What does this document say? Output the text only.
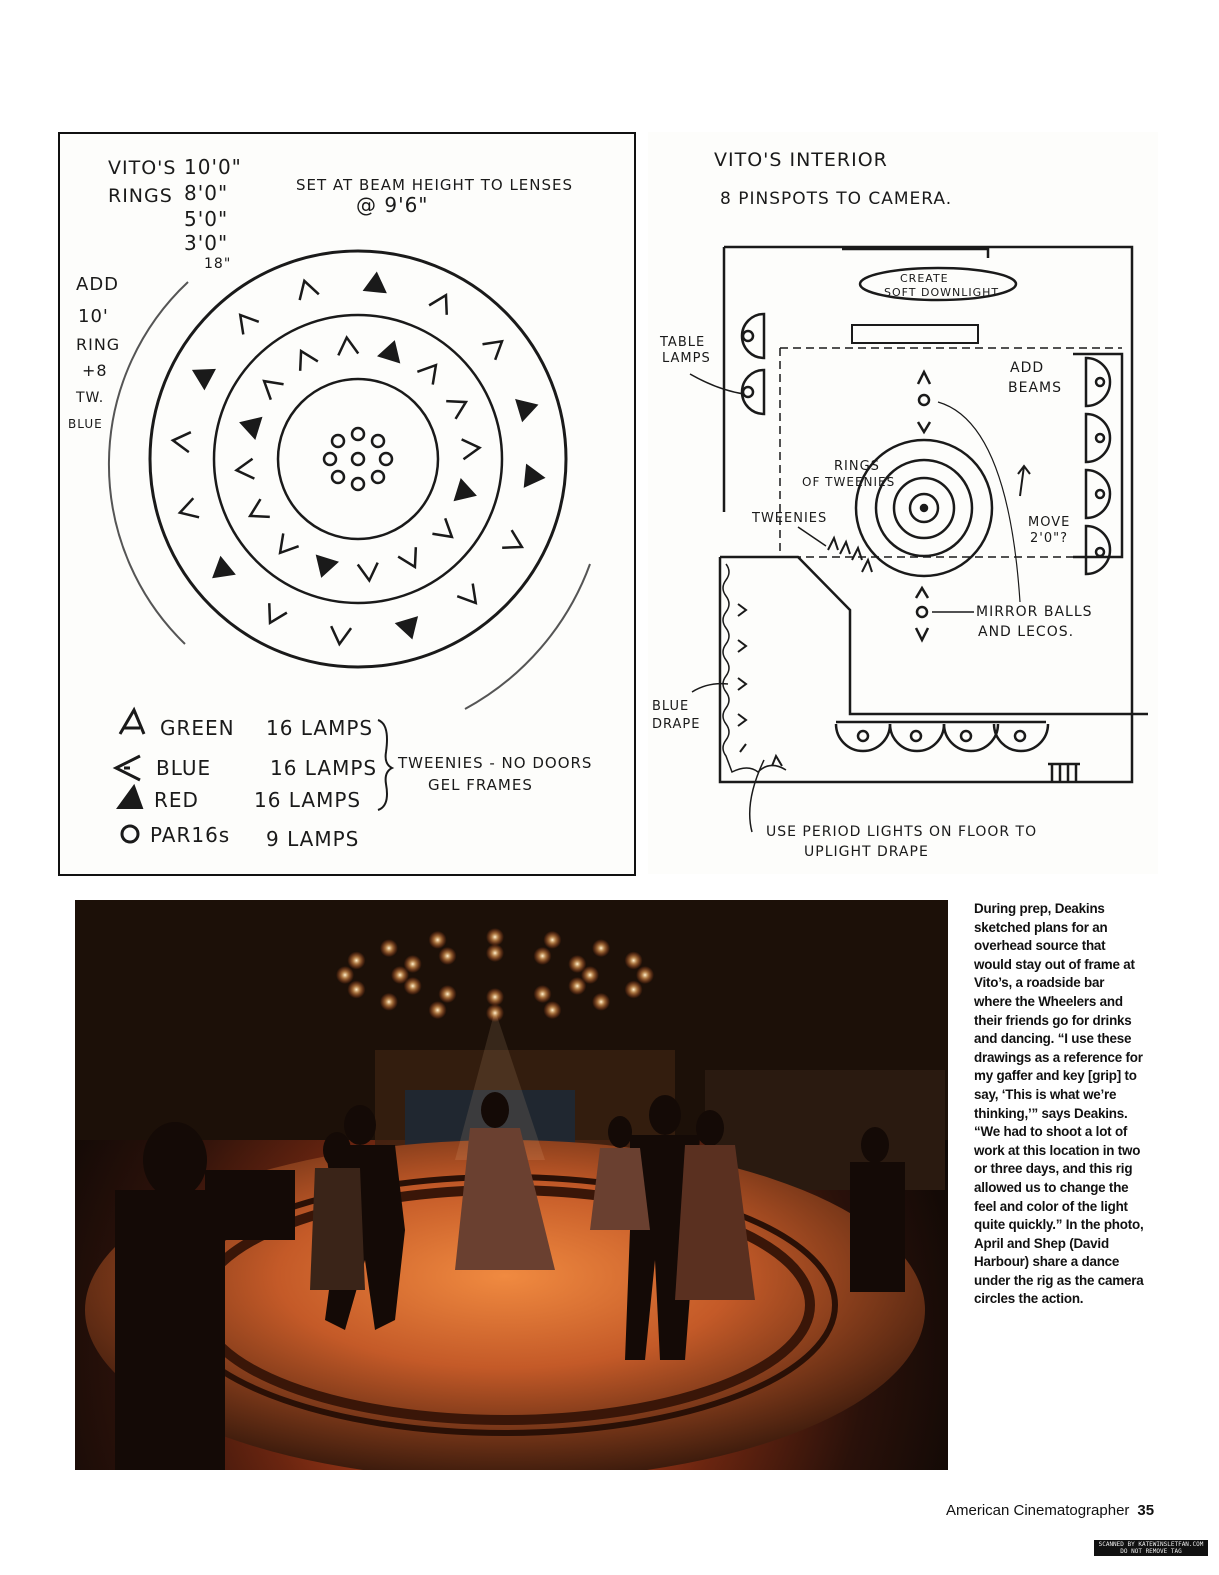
VITO'S
RINGS
10'0"
8'0"
5'0"
3'0"
18"
SET AT BEAM HEIGHT TO LENSES
@ 9'6"
ADD
10'
RING
+8
TW.
BLUE
GREEN 16 LAMPS
BLUE	16 LAMPS
RED	16 LAMPS
PAR16s 9 LAMPS
TWEENIES - NO DOORS
GEL FRAMES
VITO'S INTERIOR
8 PINSPOTS TO CAMERA.
CREATE
SOFT DOWNLIGHT
TABLE
LAMPS
ADD
BEAMS
RINGS
OF TWEENIES
TWEENIES	MOVE
2'0"?
MIRROR BALLS
AND LECOS.
BLUE
DRAPE
USE PERIOD LIGHTS ON FLOOR TO
UPLIGHT DRAPE
During prep, Deakins sketched plans for an overhead source that would stay out of frame at Vito’s, a roadside bar where the Wheelers and their friends go for drinks and dancing. “I use these drawings as a reference for my gaffer and key [grip] to say, ‘This is what we’re thinking,’” says Deakins. “We had to shoot a lot of work at this location in two or three days, and this rig allowed us to change the feel and color of the light quite quickly.” In the photo, April and Shep (David Harbour) share a dance under the rig as the camera circles the action.
American Cinematographer 35
SCANNED BY KATEWINSLETFAN.COM
DO NOT REMOVE TAG
